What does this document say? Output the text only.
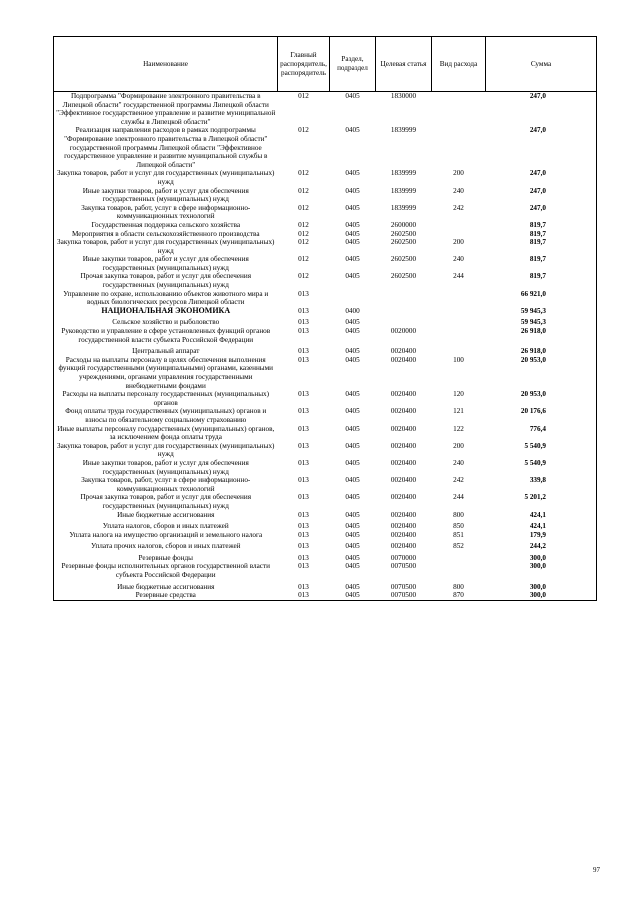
Наименование	Главный распорядитель, распорядитель	Раздел, подраздел	Целевая статья	Вид расхода	Сумма
Подпрограмма "Формирование электронного правительства в Липецкой области" государственной программы Липецкой области "Эффективное государственное управление и развитие муниципальной службы в Липецкой области"	012	0405	1830000		247,0
Реализация направления расходов в рамках подпрограммы "Формирование электронного правительства в Липецкой области" государственной программы Липецкой области "Эффективное государственное управление и развитие муниципальной службы в Липецкой области"	012	0405	1839999		247,0
Закупка товаров, работ и услуг для государственных (муниципальных) нужд	012	0405	1839999	200	247,0
Иные закупки товаров, работ и услуг для обеспечения государственных (муниципальных) нужд	012	0405	1839999	240	247,0
Закупка товаров, работ, услуг в сфере информационно-коммуникационных технологий	012	0405	1839999	242	247,0
Государственная поддержка сельского хозяйства	012	0405	2600000		819,7
Мероприятия в области сельскохозяйственного производства	012	0405	2602500		819,7
Закупка товаров, работ и услуг для государственных (муниципальных) нужд	012	0405	2602500	200	819,7
Иные закупки товаров, работ и услуг для обеспечения государственных (муниципальных) нужд	012	0405	2602500	240	819,7
Прочая закупка товаров, работ и услуг для обеспечения государственных (муниципальных) нужд	012	0405	2602500	244	819,7
Управление по охране, использованию объектов животного мира и водных биологических ресурсов Липецкой области	013				66 921,0
НАЦИОНАЛЬНАЯ ЭКОНОМИКА	013	0400			59 945,3
Сельское хозяйство и рыболовство	013	0405			59 945,3
Руководство и управление в сфере установленных функций органов государственной власти субъекта Российской Федерации	013	0405	0020000		26 918,0
Центральный аппарат	013	0405	0020400		26 918,0
Расходы на выплаты персоналу в целях обеспечения выполнения функций государственными (муниципальными) органами, казенными учреждениями, органами управления государственными внебюджетными фондами	013	0405	0020400	100	20 953,0
Расходы на выплаты персоналу государственных (муниципальных) органов	013	0405	0020400	120	20 953,0
Фонд оплаты труда государственных (муниципальных) органов и взносы по обязательному социальному страхованию	013	0405	0020400	121	20 176,6
Иные выплаты персоналу государственных (муниципальных) органов, за исключением фонда оплаты труда	013	0405	0020400	122	776,4
Закупка товаров, работ и услуг для государственных (муниципальных) нужд	013	0405	0020400	200	5 540,9
Иные закупки товаров, работ и услуг для обеспечения государственных (муниципальных) нужд	013	0405	0020400	240	5 540,9
Закупка товаров, работ, услуг в сфере информационно-коммуникационных технологий	013	0405	0020400	242	339,8
Прочая закупка товаров, работ и услуг для обеспечения государственных (муниципальных) нужд	013	0405	0020400	244	5 201,2
Иные бюджетные ассигнования	013	0405	0020400	800	424,1
Уплата налогов, сборов и иных платежей	013	0405	0020400	850	424,1
Уплата налога на имущество организаций и земельного налога	013	0405	0020400	851	179,9
Уплата прочих налогов, сборов и иных платежей	013	0405	0020400	852	244,2
Резервные фонды	013	0405	0070000		300,0
Резервные фонды исполнительных органов государственной власти субъекта Российской Федерации	013	0405	0070500		300,0
Иные бюджетные ассигнования	013	0405	0070500	800	300,0
Резервные средства	013	0405	0070500	870	300,0
97
